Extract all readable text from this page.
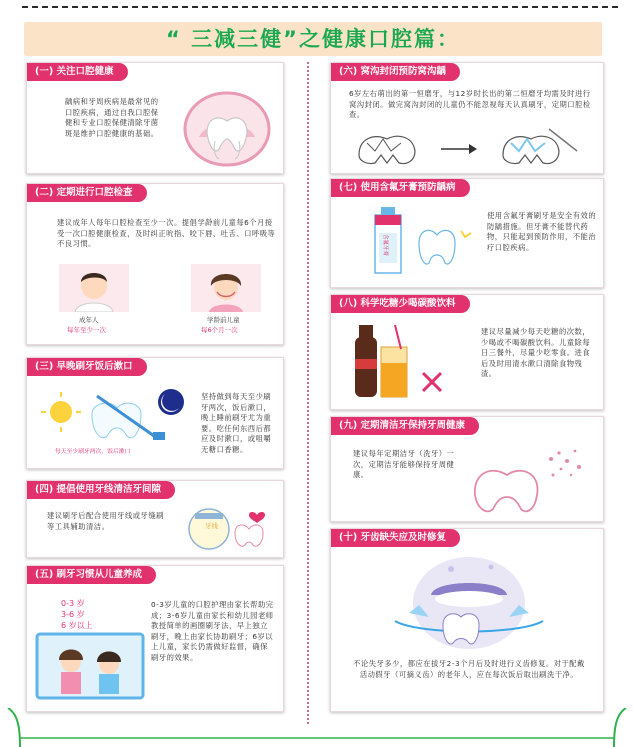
“ 三减三健”之健康口腔篇：
(一) 关注口腔健康
龋病和牙周疾病是最常见的口腔疾病，通过自我口腔保健和专业口腔保健清除牙菌斑是维护口腔健康的基础。
(二) 定期进行口腔检查
建议成年人每年口腔检查至少一次。提倡学龄前儿童每6个月接受一次口腔健康检查，及时纠正吮指、咬下唇、吐舌、口呼吸等不良习惯。
成年人
每年至少一次
学龄前儿童
每6个月一次
(三) 早晚刷牙饭后漱口
每天至少刷牙两次，饭后漱口
坚持做到每天至少刷牙两次，饭后漱口，晚上睡前刷牙尤为重要。吃任何东西后都应及时漱口，或咀嚼无糖口香糖。
(四) 提倡使用牙线清洁牙间隙
建议刷牙后配合使用牙线或牙缝刷等工具辅助清洁。	牙线
(五) 刷牙习惯从儿童养成
0-3 岁
3-6 岁
6 岁以上
0-3岁儿童的口腔护理由家长帮助完成；3-6岁儿童由家长和幼儿园老师教授简单的画圈刷牙法，早上独立刷牙，晚上由家长协助刷牙；6岁以上儿童，家长仍需做好监督，确保刷牙的效果。
(六) 窝沟封闭预防窝沟龋
6岁左右萌出的第一恒磨牙，与12岁时长出的第二恒磨牙均需及时进行窝沟封闭。做完窝沟封闭的儿童仍不能忽视每天认真刷牙，定期口腔检查。
(七) 使用含氟牙膏预防龋病
含氟牙膏
使用含氟牙膏刷牙是安全有效的防龋措施。但牙膏不能替代药物，只能起到预防作用，不能治疗口腔疾病。
(八) 科学吃糖少喝碳酸饮料
建议尽量减少每天吃糖的次数，少喝或不喝碳酸饮料。儿童除每日三餐外，尽量少吃零食。进食后及时用清水漱口清除食物残渣。
(九) 定期清洁牙保持牙周健康
建议每年定期洁牙（洗牙）一次，定期洁牙能够保持牙周健康。
(十) 牙齿缺失应及时修复
不论失牙多少，都应在拔牙2-3个月后及时进行义齿修复。对于配戴活动假牙（可摘义齿）的老年人，应在每次饭后取出刷洗干净。
